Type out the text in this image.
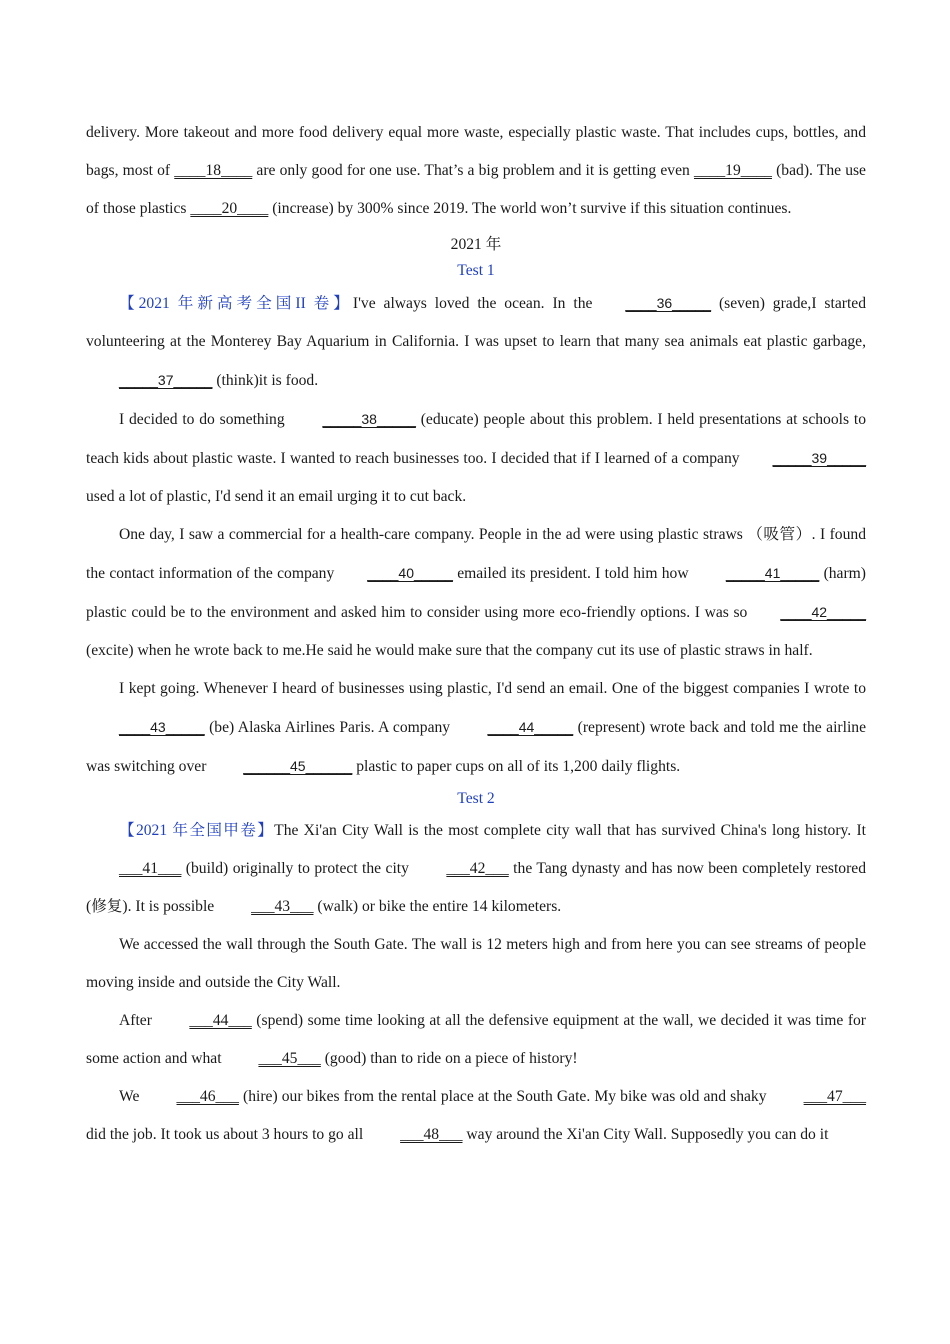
delivery. More takeout and more food delivery equal more waste, especially plastic waste. That includes cups, bottles, and bags, most of ____18____ are only good for one use. That’s a big problem and it is getting even ____19____ (bad). The use of those plastics ____20____ (increase) by 300% since 2019. The world won’t survive if this situation continues.

2021 年

Test 1

【2021 年新高考全国II 卷】I've always loved the ocean. In the ____36_____ (seven) grade,I started volunteering at the Monterey Bay Aquarium in California. I was upset to learn that many sea animals eat plastic garbage, _____37_____ (think)it is food.

I decided to do something _____38_____ (educate) people about this problem. I held presentations at schools to teach kids about plastic waste. I wanted to reach businesses too. I decided that if I learned of a company _____39_____ used a lot of plastic, I'd send it an email urging it to cut back.

One day, I saw a commercial for a health-care company. People in the ad were using plastic straws （吸管）. I found the contact information of the company ____40_____ emailed its president. I told him how _____41_____ (harm) plastic could be to the environment and asked him to consider using more eco-friendly options. I was so ____42_____ (excite) when he wrote back to me.He said he would make sure that the company cut its use of plastic straws in half.

I kept going. Whenever I heard of businesses using plastic, I'd send an email. One of the biggest companies I wrote to ____43_____ (be) Alaska Airlines Paris. A company ____44_____ (represent) wrote back and told me the airline was switching over ______45______ plastic to paper cups on all of its 1,200 daily flights.

Test 2

【2021 年全国甲卷】The Xi'an City Wall is the most complete city wall that has survived China's long history. It ___41___ (build) originally to protect the city ___42___ the Tang dynasty and has now been completely restored (修复). It is possible ___43___ (walk) or bike the entire 14 kilometers.

We accessed the wall through the South Gate. The wall is 12 meters high and from here you can see streams of people moving inside and outside the City Wall.

After ___44___ (spend) some time looking at all the defensive equipment at the wall, we decided it was time for some action and what ___45___ (good) than to ride on a piece of history!

We ___46___ (hire) our bikes from the rental place at the South Gate. My bike was old and shaky ___47___ did the job. It took us about 3 hours to go all ___48___ way around the Xi'an City Wall. Supposedly you can do it
